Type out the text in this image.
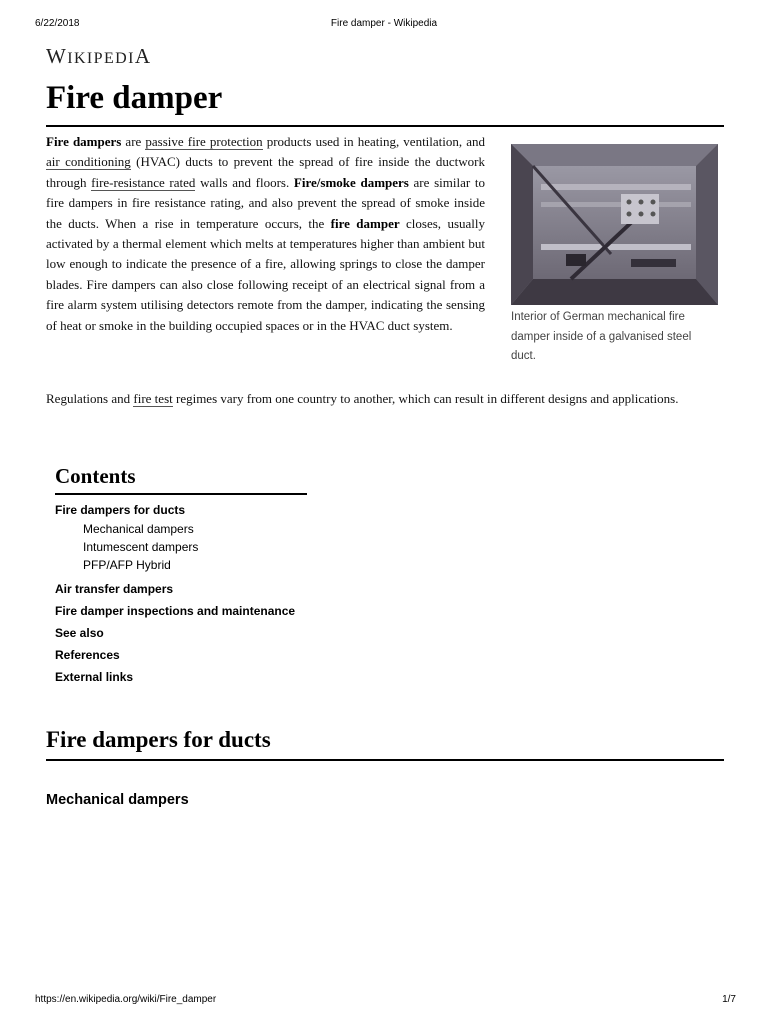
6/22/2018	Fire damper - Wikipedia
WIKIPEDIA
Fire damper

Fire dampers are passive fire protection products used in heating, ventilation, and air conditioning (HVAC) ducts to prevent the spread of fire inside the ductwork through fire-resistance rated walls and floors. Fire/smoke dampers are similar to fire dampers in fire resistance rating, and also prevent the spread of smoke inside the ducts. When a rise in temperature occurs, the fire damper closes, usually activated by a thermal element which melts at temperatures higher than ambient but low enough to indicate the presence of a fire, allowing springs to close the damper blades. Fire dampers can also close following receipt of an electrical signal from a fire alarm system utilising detectors remote from the damper, indicating the sensing of heat or smoke in the building occupied spaces or in the HVAC duct system.

Interior of German mechanical fire damper inside of a galvanised steel duct.

Regulations and fire test regimes vary from one country to another, which can result in different designs and applications.

Contents
Fire dampers for ducts
Mechanical dampers
Intumescent dampers
PFP/AFP Hybrid
Air transfer dampers
Fire damper inspections and maintenance
See also
References
External links
Fire dampers for ducts
Mechanical dampers
https://en.wikipedia.org/wiki/Fire_damper	1/7
